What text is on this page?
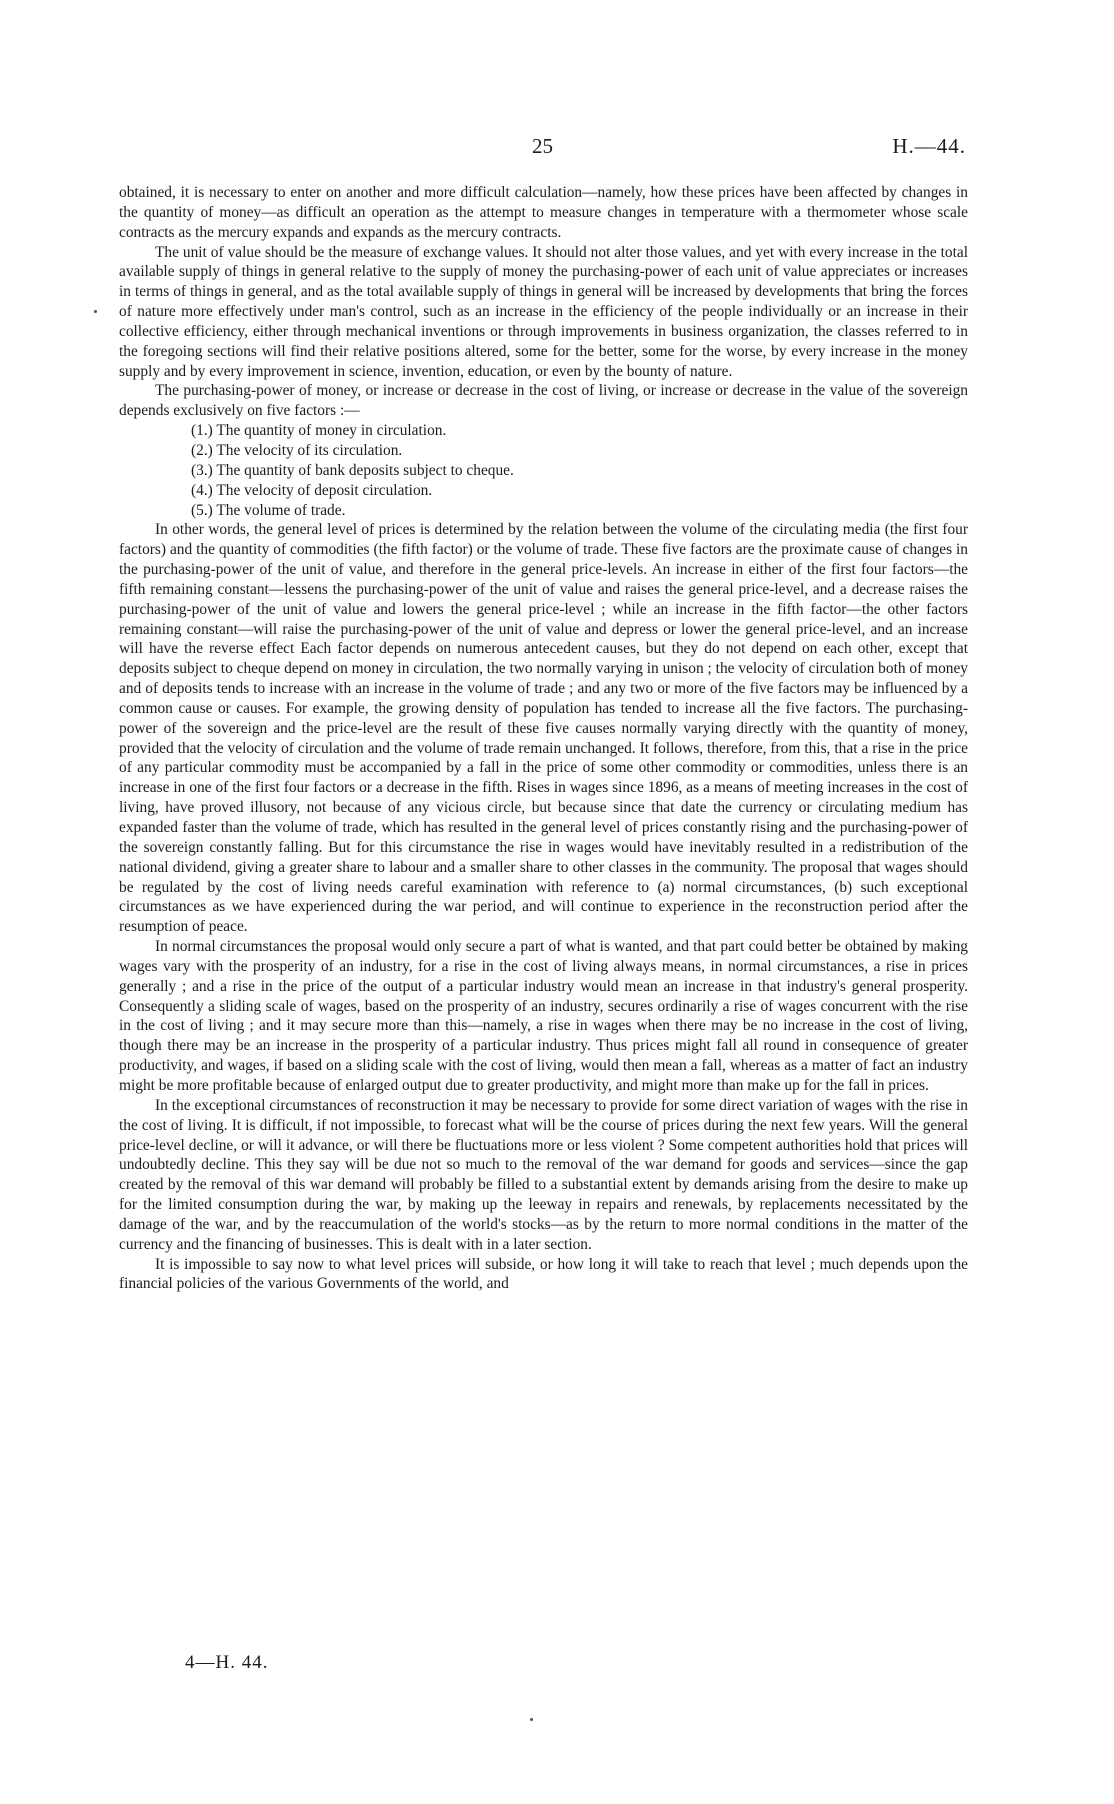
25	H.—44.

obtained, it is necessary to enter on another and more difficult calculation—namely, how these prices have been affected by changes in the quantity of money—as difficult an operation as the attempt to measure changes in temperature with a thermometer whose scale contracts as the mercury expands and expands as the mercury contracts.

The unit of value should be the measure of exchange values. It should not alter those values, and yet with every increase in the total available supply of things in general relative to the supply of money the purchasing-power of each unit of value appreciates or increases in terms of things in general, and as the total available supply of things in general will be increased by developments that bring the forces of nature more effectively under man's control, such as an increase in the efficiency of the people individually or an increase in their collective efficiency, either through mechanical inventions or through improvements in business organization, the classes referred to in the foregoing sections will find their relative positions altered, some for the better, some for the worse, by every increase in the money supply and by every improvement in science, invention, education, or even by the bounty of nature.

The purchasing-power of money, or increase or decrease in the cost of living, or increase or decrease in the value of the sovereign depends exclusively on five factors :—

(1.) The quantity of money in circulation.
(2.) The velocity of its circulation.
(3.) The quantity of bank deposits subject to cheque.
(4.) The velocity of deposit circulation.
(5.) The volume of trade.

In other words, the general level of prices is determined by the relation between the volume of the circulating media (the first four factors) and the quantity of commodities (the fifth factor) or the volume of trade. These five factors are the proximate cause of changes in the purchasing-power of the unit of value, and therefore in the general price-levels. An increase in either of the first four factors—the fifth remaining constant—lessens the purchasing-power of the unit of value and raises the general price-level, and a decrease raises the purchasing-power of the unit of value and lowers the general price-level ; while an increase in the fifth factor—the other factors remaining constant—will raise the purchasing-power of the unit of value and depress or lower the general price-level, and an increase will have the reverse effect Each factor depends on numerous antecedent causes, but they do not depend on each other, except that deposits subject to cheque depend on money in circulation, the two normally varying in unison ; the velocity of circulation both of money and of deposits tends to increase with an increase in the volume of trade ; and any two or more of the five factors may be influenced by a common cause or causes. For example, the growing density of population has tended to increase all the five factors. The purchasing-power of the sovereign and the price-level are the result of these five causes normally varying directly with the quantity of money, provided that the velocity of circulation and the volume of trade remain unchanged. It follows, therefore, from this, that a rise in the price of any particular commodity must be accompanied by a fall in the price of some other commodity or commodities, unless there is an increase in one of the first four factors or a decrease in the fifth. Rises in wages since 1896, as a means of meeting increases in the cost of living, have proved illusory, not because of any vicious circle, but because since that date the currency or circulating medium has expanded faster than the volume of trade, which has resulted in the general level of prices constantly rising and the purchasing-power of the sovereign constantly falling. But for this circumstance the rise in wages would have inevitably resulted in a redistribution of the national dividend, giving a greater share to labour and a smaller share to other classes in the community. The proposal that wages should be regulated by the cost of living needs careful examination with reference to (a) normal circumstances, (b) such exceptional circumstances as we have experienced during the war period, and will continue to experience in the reconstruction period after the resumption of peace.

In normal circumstances the proposal would only secure a part of what is wanted, and that part could better be obtained by making wages vary with the prosperity of an industry, for a rise in the cost of living always means, in normal circumstances, a rise in prices generally ; and a rise in the price of the output of a particular industry would mean an increase in that industry's general prosperity. Consequently a sliding scale of wages, based on the prosperity of an industry, secures ordinarily a rise of wages concurrent with the rise in the cost of living ; and it may secure more than this—namely, a rise in wages when there may be no increase in the cost of living, though there may be an increase in the prosperity of a particular industry. Thus prices might fall all round in consequence of greater productivity, and wages, if based on a sliding scale with the cost of living, would then mean a fall, whereas as a matter of fact an industry might be more profitable because of enlarged output due to greater productivity, and might more than make up for the fall in prices.

In the exceptional circumstances of reconstruction it may be necessary to provide for some direct variation of wages with the rise in the cost of living. It is difficult, if not impossible, to forecast what will be the course of prices during the next few years. Will the general price-level decline, or will it advance, or will there be fluctuations more or less violent ? Some competent authorities hold that prices will undoubtedly decline. This they say will be due not so much to the removal of the war demand for goods and services—since the gap created by the removal of this war demand will probably be filled to a substantial extent by demands arising from the desire to make up for the limited consumption during the war, by making up the leeway in repairs and renewals, by replacements necessitated by the damage of the war, and by the reaccumulation of the world's stocks—as by the return to more normal conditions in the matter of the currency and the financing of businesses. This is dealt with in a later section.

It is impossible to say now to what level prices will subside, or how long it will take to reach that level ; much depends upon the financial policies of the various Governments of the world, and

4—H. 44.
